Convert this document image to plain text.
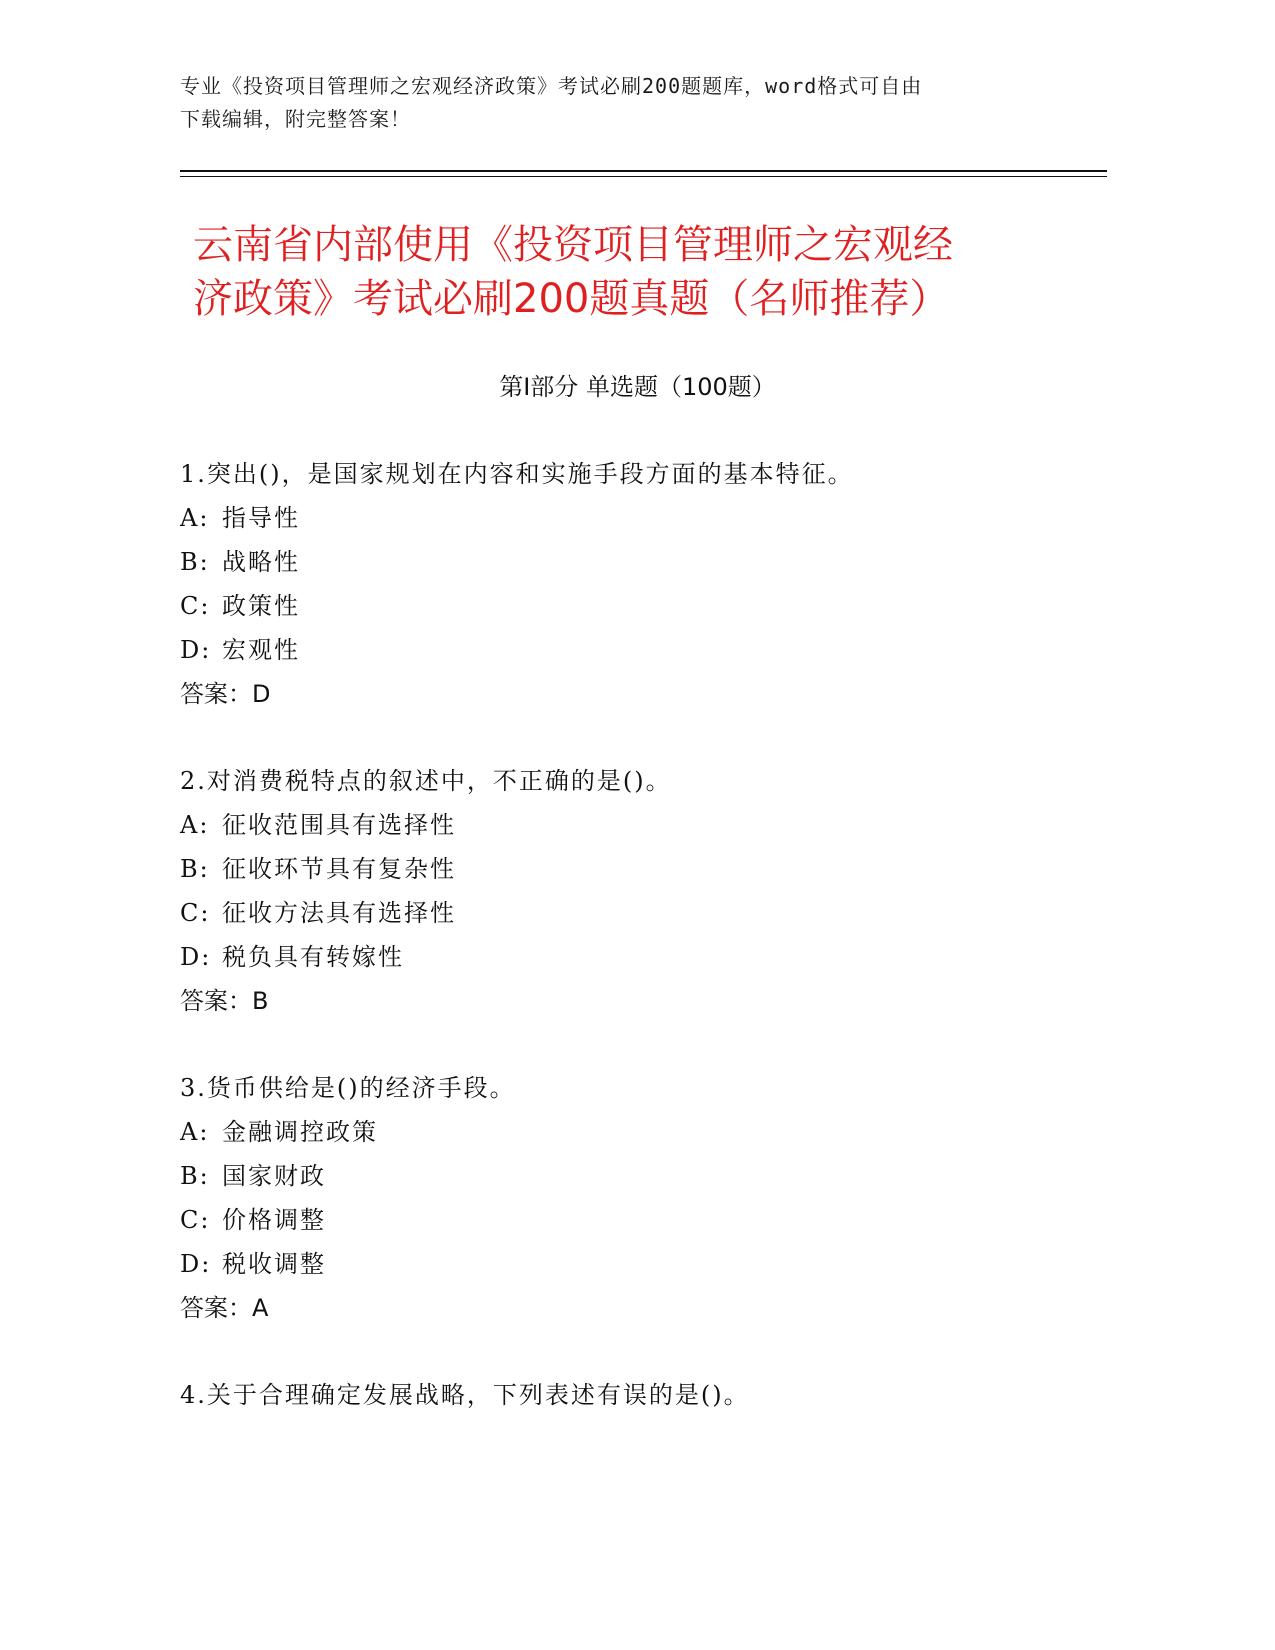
专业《投资项目管理师之宏观经济政策》考试必刷200题题库，word格式可自由
下载编辑，附完整答案！
云南省内部使用《投资项目管理师之宏观经
济政策》考试必刷200题真题（名师推荐）
第Ⅰ部分 单选题（100题）
1.突出()，是国家规划在内容和实施手段方面的基本特征。
A: 指导性
B: 战略性
C: 政策性
D: 宏观性
答案：D
2.对消费税特点的叙述中，不正确的是()。
A: 征收范围具有选择性
B: 征收环节具有复杂性
C: 征收方法具有选择性
D: 税负具有转嫁性
答案：B
3.货币供给是()的经济手段。
A: 金融调控政策
B: 国家财政
C: 价格调整
D: 税收调整
答案：A
4.关于合理确定发展战略，下列表述有误的是()。
